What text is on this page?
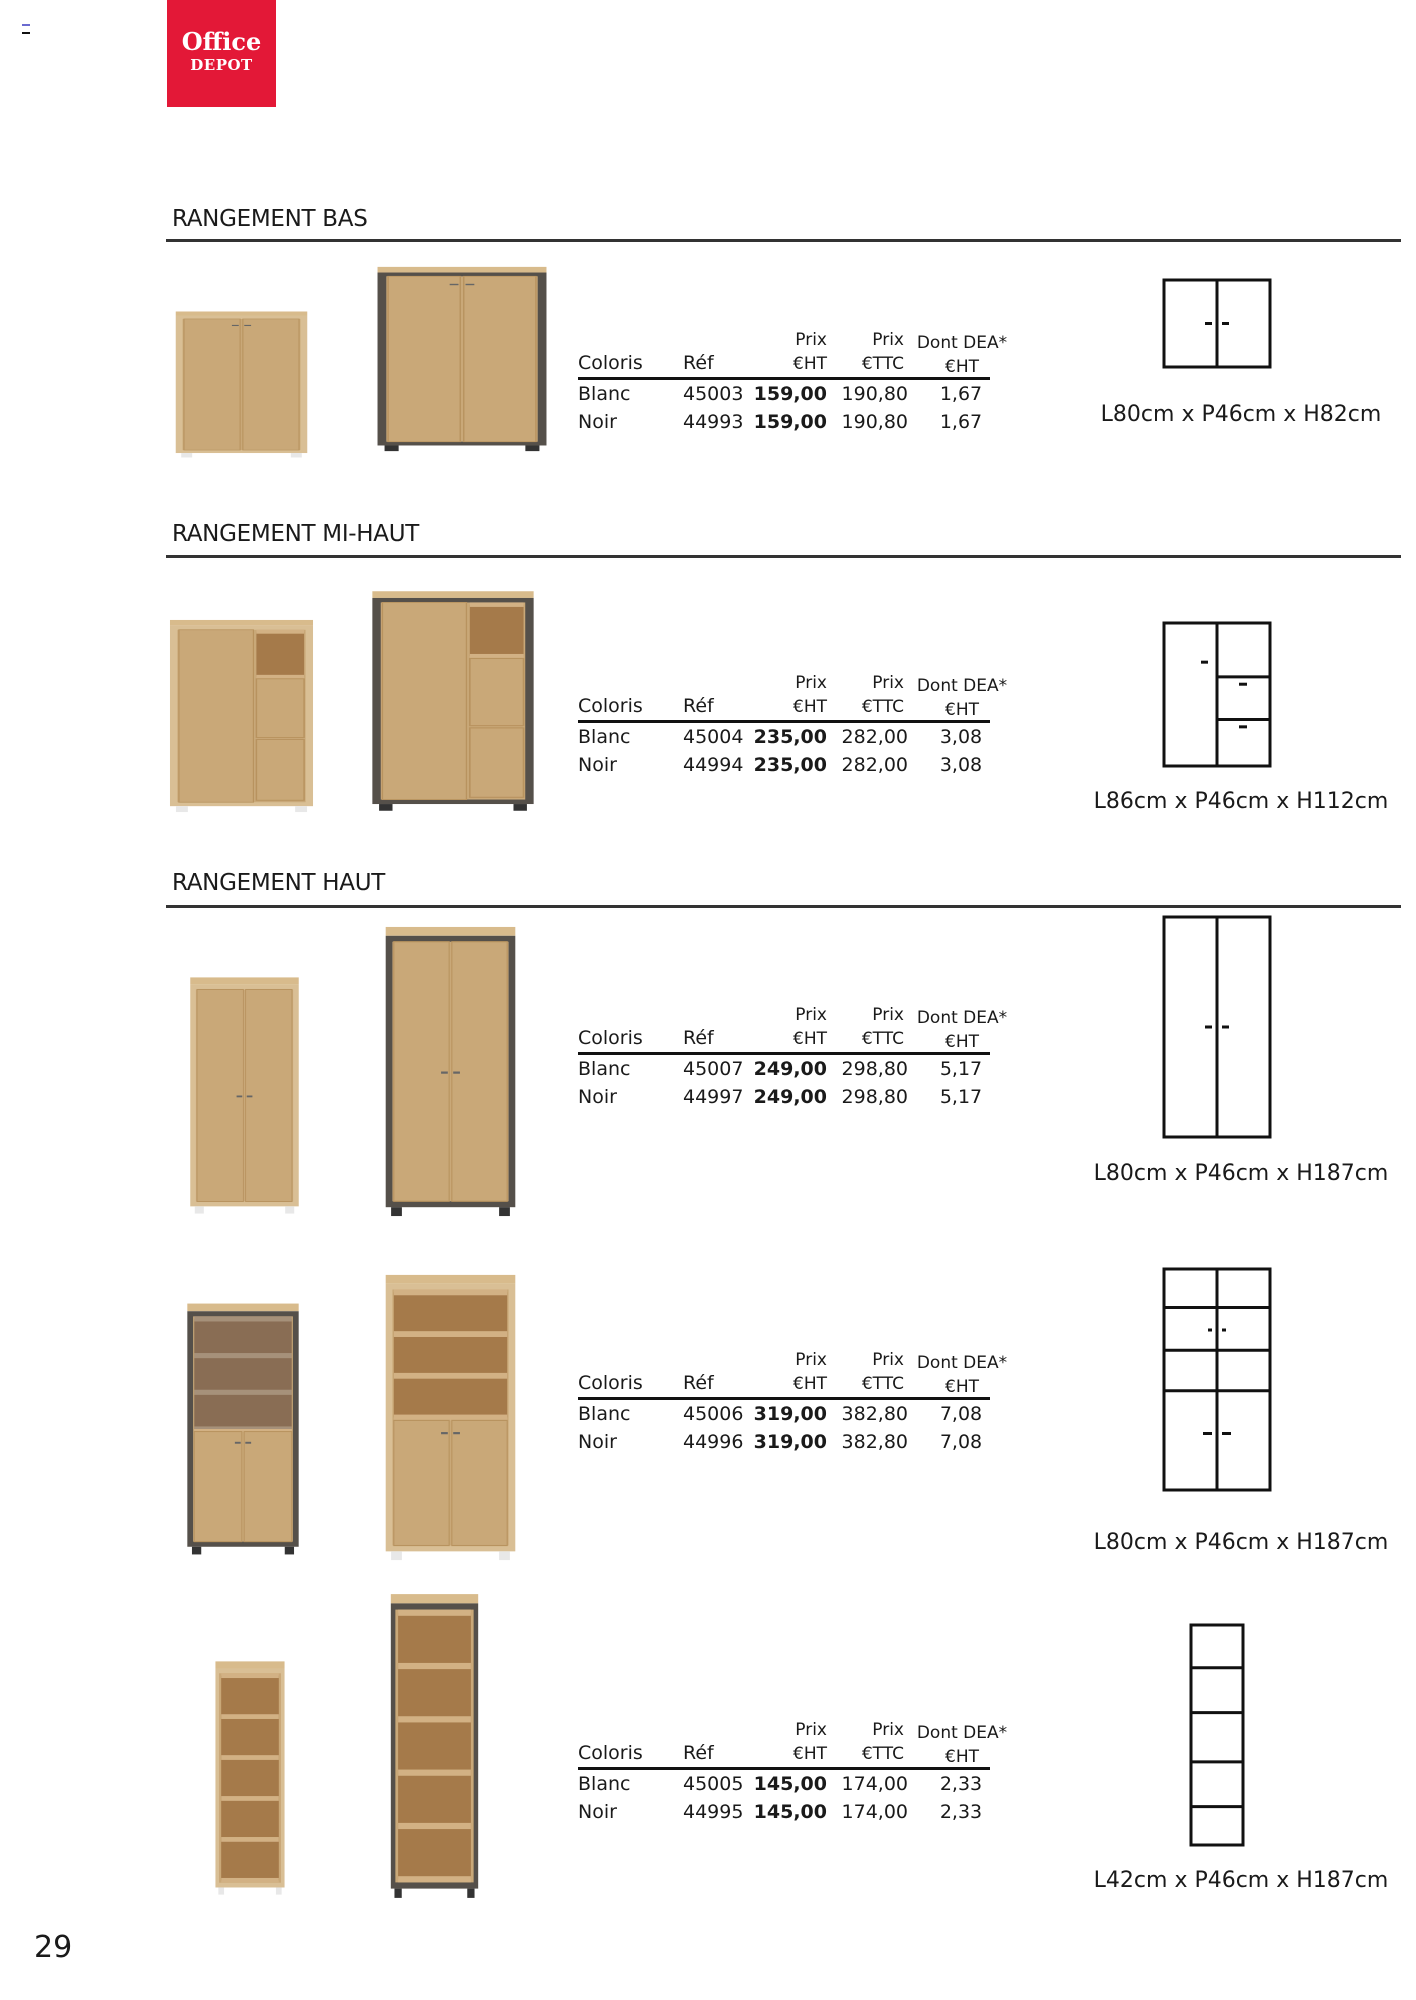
Office
DEPOT
RANGEMENT BAS
RANGEMENT MI-HAUT
RANGEMENT HAUT
Coloris Réf
Prix
€HT
Prix
€TTC
Dont DEA*
€HT
Blanc	45003 159,00 190,80	1,67
Noir	44993 159,00 190,80	1,67	L80cm x P46cm x H82cm
Coloris Réf
Prix
€HT
Prix
€TTC
Dont DEA*
€HT
Blanc	45004 235,00 282,00	3,08
Noir	44994 235,00 282,00	3,08
L86cm x P46cm x H112cm
Coloris Réf
Prix
€HT
Prix
€TTC
Dont DEA*
€HT
Blanc	45007 249,00 298,80	5,17
Noir	44997 249,00 298,80	5,17
L80cm x P46cm x H187cm
Coloris Réf
Prix
€HT
Prix
€TTC
Dont DEA*
€HT
Blanc	45006 319,00 382,80	7,08
Noir	44996 319,00 382,80	7,08
L80cm x P46cm x H187cm
Coloris Réf
Prix
€HT
Prix
€TTC
Dont DEA*
€HT
Blanc	45005 145,00 174,00	2,33
Noir	44995 145,00 174,00	2,33
L42cm x P46cm x H187cm
29
